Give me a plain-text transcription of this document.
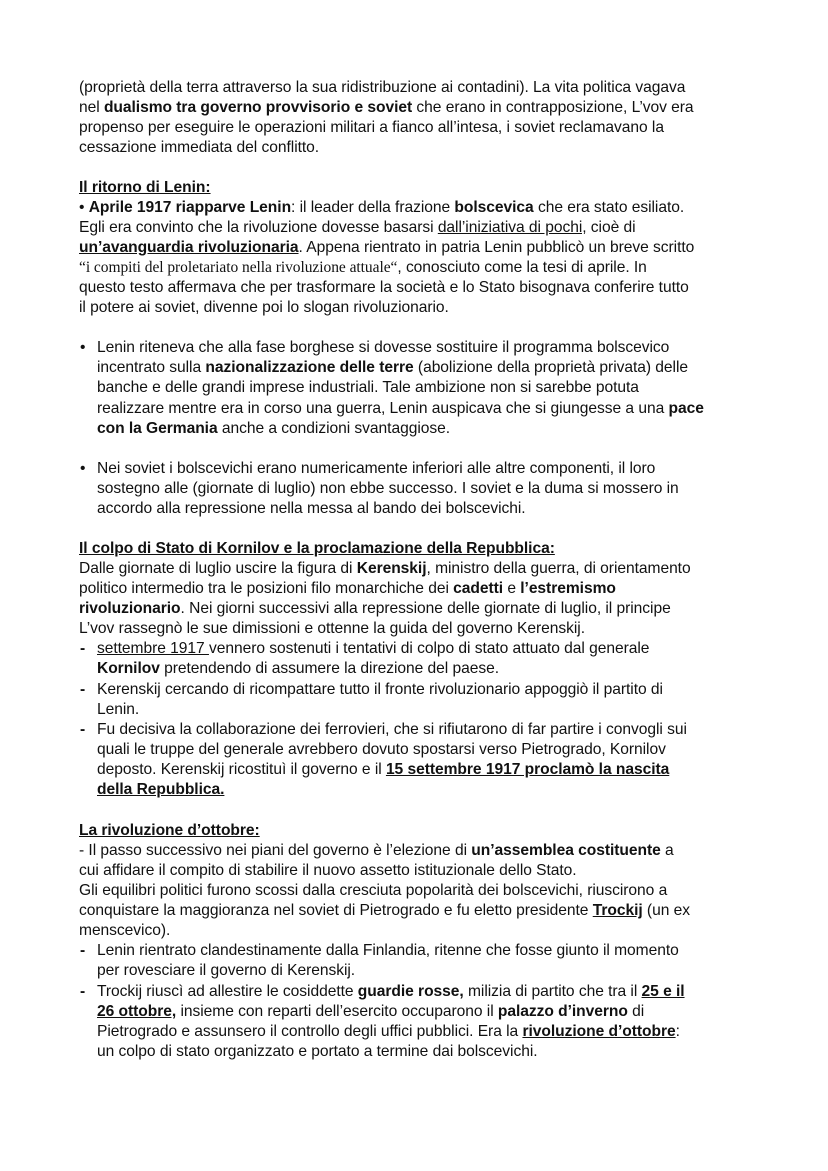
(proprietà della terra attraverso la sua ridistribuzione ai contadini). La vita politica vagava
nel dualismo tra governo provvisorio e soviet che erano in contrapposizione, L’vov era
propenso per eseguire le operazioni militari a fianco all’intesa, i soviet reclamavano la
cessazione immediata del conflitto.
Il ritorno di Lenin:
• Aprile 1917 riapparve Lenin: il leader della frazione bolscevica che era stato esiliato.
Egli era convinto che la rivoluzione dovesse basarsi dall’iniziativa di pochi, cioè di
un’avanguardia rivoluzionaria. Appena rientrato in patria Lenin pubblicò un breve scritto
“i compiti del proletariato nella rivoluzione attuale“, conosciuto come la tesi di aprile. In
questo testo affermava che per trasformare la società e lo Stato bisognava conferire tutto
il potere ai soviet, divenne poi lo slogan rivoluzionario.
• Lenin riteneva che alla fase borghese si dovesse sostituire il programma bolscevico
incentrato sulla nazionalizzazione delle terre (abolizione della proprietà privata) delle
banche e delle grandi imprese industriali. Tale ambizione non si sarebbe potuta
realizzare mentre era in corso una guerra, Lenin auspicava che si giungesse a una pace
con la Germania anche a condizioni svantaggiose.
• Nei soviet i bolscevichi erano numericamente inferiori alle altre componenti, il loro
sostegno alle (giornate di luglio) non ebbe successo. I soviet e la duma si mossero in
accordo alla repressione nella messa al bando dei bolscevichi.
Il colpo di Stato di Kornilov e la proclamazione della Repubblica:
Dalle giornate di luglio uscire la figura di Kerenskij, ministro della guerra, di orientamento
politico intermedio tra le posizioni filo monarchiche dei cadetti e l’estremismo
rivoluzionario. Nei giorni successivi alla repressione delle giornate di luglio, il principe
L’vov rassegnò le sue dimissioni e ottenne la guida del governo Kerenskij.
- settembre 1917 vennero sostenuti i tentativi di colpo di stato attuato dal generale
Kornilov pretendendo di assumere la direzione del paese.
- Kerenskij cercando di ricompattare tutto il fronte rivoluzionario appoggiò il partito di
Lenin.
- Fu decisiva la collaborazione dei ferrovieri, che si rifiutarono di far partire i convogli sui
quali le truppe del generale avrebbero dovuto spostarsi verso Pietrogrado, Kornilov
deposto. Kerenskij ricostituì il governo e il 15 settembre 1917 proclamò la nascita
della Repubblica.
La rivoluzione d’ottobre:
- Il passo successivo nei piani del governo è l’elezione di un’assemblea costituente a
cui affidare il compito di stabilire il nuovo assetto istituzionale dello Stato.
Gli equilibri politici furono scossi dalla cresciuta popolarità dei bolscevichi, riuscirono a
conquistare la maggioranza nel soviet di Pietrogrado e fu eletto presidente Trockij (un ex
menscevico).
- Lenin rientrato clandestinamente dalla Finlandia, ritenne che fosse giunto il momento
per rovesciare il governo di Kerenskij.
- Trockij riuscì ad allestire le cosiddette guardie rosse, milizia di partito che tra il 25 e il
26 ottobre, insieme con reparti dell’esercito occuparono il palazzo d’inverno di
Pietrogrado e assunsero il controllo degli uffici pubblici. Era la rivoluzione d’ottobre:
un colpo di stato organizzato e portato a termine dai bolscevichi.
